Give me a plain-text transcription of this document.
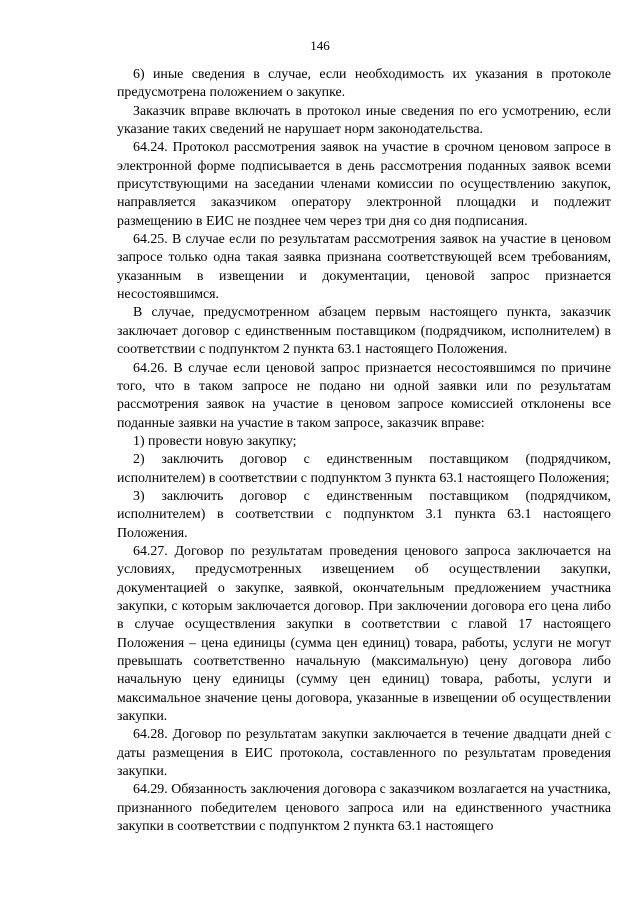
146

6) иные сведения в случае, если необходимость их указания в протоколе предусмотрена положением о закупке.

Заказчик вправе включать в протокол иные сведения по его усмотрению, если указание таких сведений не нарушает норм законодательства.

64.24. Протокол рассмотрения заявок на участие в срочном ценовом запросе в электронной форме подписывается в день рассмотрения поданных заявок всеми присутствующими на заседании членами комиссии по осуществлению закупок, направляется заказчиком оператору электронной площадки и подлежит размещению в ЕИС не позднее чем через три дня со дня подписания.

64.25. В случае если по результатам рассмотрения заявок на участие в ценовом запросе только одна такая заявка признана соответствующей всем требованиям, указанным в извещении и документации, ценовой запрос признается несостоявшимся.

В случае, предусмотренном абзацем первым настоящего пункта, заказчик заключает договор с единственным поставщиком (подрядчиком, исполнителем) в соответствии с подпунктом 2 пункта 63.1 настоящего Положения.

64.26. В случае если ценовой запрос признается несостоявшимся по причине того, что в таком запросе не подано ни одной заявки или по результатам рассмотрения заявок на участие в ценовом запросе комиссией отклонены все поданные заявки на участие в таком запросе, заказчик вправе:

1) провести новую закупку;

2) заключить договор с единственным поставщиком (подрядчиком, исполнителем) в соответствии с подпунктом 3 пункта 63.1 настоящего Положения;

3) заключить договор с единственным поставщиком (подрядчиком, исполнителем) в соответствии с подпунктом 3.1 пункта 63.1 настоящего Положения.

64.27. Договор по результатам проведения ценового запроса заключается на условиях, предусмотренных извещением об осуществлении закупки, документацией о закупке, заявкой, окончательным предложением участника закупки, с которым заключается договор. При заключении договора его цена либо в случае осуществления закупки в соответствии с главой 17 настоящего Положения – цена единицы (сумма цен единиц) товара, работы, услуги не могут превышать соответственно начальную (максимальную) цену договора либо начальную цену единицы (сумму цен единиц) товара, работы, услуги и максимальное значение цены договора, указанные в извещении об осуществлении закупки.

64.28. Договор по результатам закупки заключается в течение двадцати дней с даты размещения в ЕИС протокола, составленного по результатам проведения закупки.

64.29. Обязанность заключения договора с заказчиком возлагается на участника, признанного победителем ценового запроса или на единственного участника закупки в соответствии с подпунктом 2 пункта 63.1 настоящего
